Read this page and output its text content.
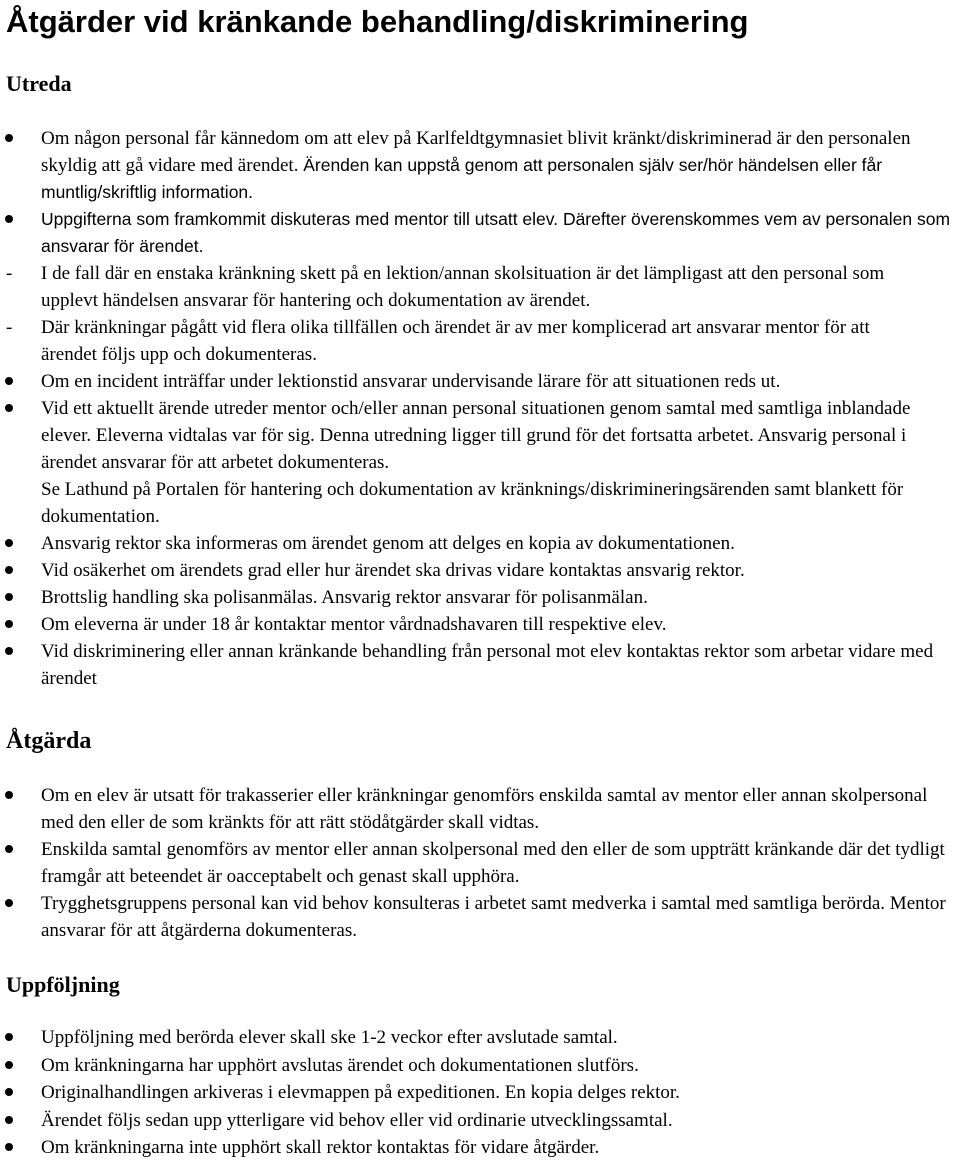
Åtgärder vid kränkande behandling/diskriminering
Utreda
Om någon personal får kännedom om att elev på Karlfeldtgymnasiet blivit kränkt/diskriminerad är den personalen skyldig att gå vidare med ärendet. Ärenden kan uppstå genom att personalen själv ser/hör händelsen eller får muntlig/skriftlig information.
Uppgifterna som framkommit diskuteras med mentor till utsatt elev. Därefter överenskommes vem av personalen som ansvarar för ärendet.
- I de fall där en enstaka kränkning skett på en lektion/annan skolsituation är det lämpligast att den personal som upplevt händelsen ansvarar för hantering och dokumentation av ärendet.
- Där kränkningar pågått vid flera olika tillfällen och ärendet är av mer komplicerad art ansvarar mentor för att ärendet följs upp och dokumenteras.
Om en incident inträffar under lektionstid ansvarar undervisande lärare för att situationen reds ut.
Vid ett aktuellt ärende utreder mentor och/eller annan personal situationen genom samtal med samtliga inblandade elever. Eleverna vidtalas var för sig. Denna utredning ligger till grund för det fortsatta arbetet. Ansvarig personal i ärendet ansvarar för att arbetet dokumenteras.
Se Lathund på Portalen för hantering och dokumentation av kränknings/diskrimineringsärenden samt blankett för dokumentation.
Ansvarig rektor ska informeras om ärendet genom att delges en kopia av dokumentationen.
Vid osäkerhet om ärendets grad eller hur ärendet ska drivas vidare kontaktas ansvarig rektor.
Brottslig handling ska polisanmälas. Ansvarig rektor ansvarar för polisanmälan.
Om eleverna är under 18 år kontaktar mentor vårdnadshavaren till respektive elev.
Vid diskriminering eller annan kränkande behandling från personal mot elev kontaktas rektor som arbetar vidare med ärendet
Åtgärda
Om en elev är utsatt för trakasserier eller kränkningar genomförs enskilda samtal av mentor eller annan skolpersonal med den eller de som kränkts för att rätt stödåtgärder skall vidtas.
Enskilda samtal genomförs av mentor eller annan skolpersonal med den eller de som uppträtt kränkande där det tydligt framgår att beteendet är oacceptabelt och genast skall upphöra.
Trygghetsgruppens personal kan vid behov konsulteras i arbetet samt medverka i samtal med samtliga berörda. Mentor ansvarar för att åtgärderna dokumenteras.
Uppföljning
Uppföljning med berörda elever skall ske 1-2 veckor efter avslutade samtal.
Om kränkningarna har upphört avslutas ärendet och dokumentationen slutförs.
Originalhandlingen arkiveras i elevmappen på expeditionen. En kopia delges rektor.
Ärendet följs sedan upp ytterligare vid behov eller vid ordinarie utvecklingssamtal.
Om kränkningarna inte upphört skall rektor kontaktas för vidare åtgärder.
